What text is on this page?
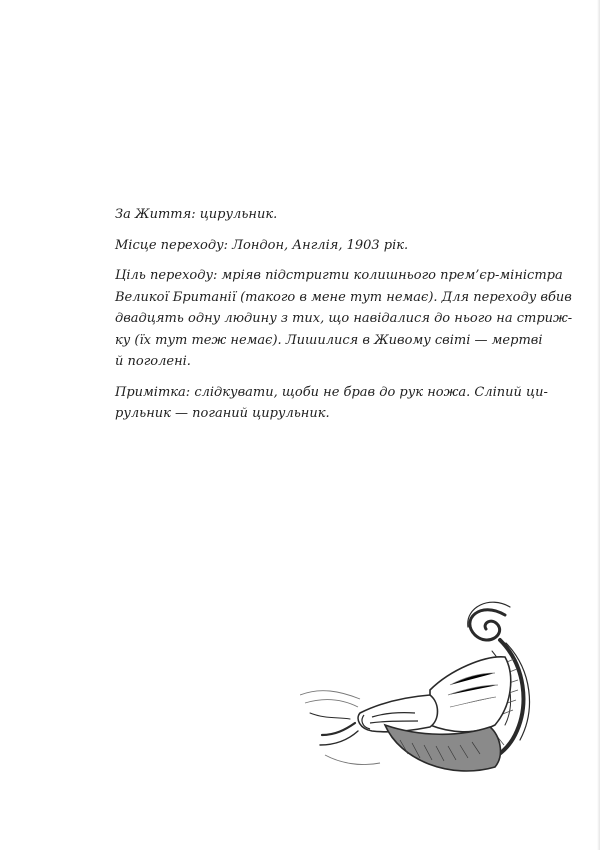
За Життя: цирульник.

Місце переходу: Лондон, Англія, 1903 рік.

Ціль переходу: мріяв підстригти колишнього прем’єр-міністра
Великої Британії (такого в мене тут немає). Для переходу вбив
двадцять одну людину з тих, що навідалися до нього на стриж-
ку (їх тут теж немає). Лишилися в Живому світі — мертві
й поголені.

Примітка: слідкувати, щоби не брав до рук ножа. Сліпий ци-
рульник — поганий цирульник.
